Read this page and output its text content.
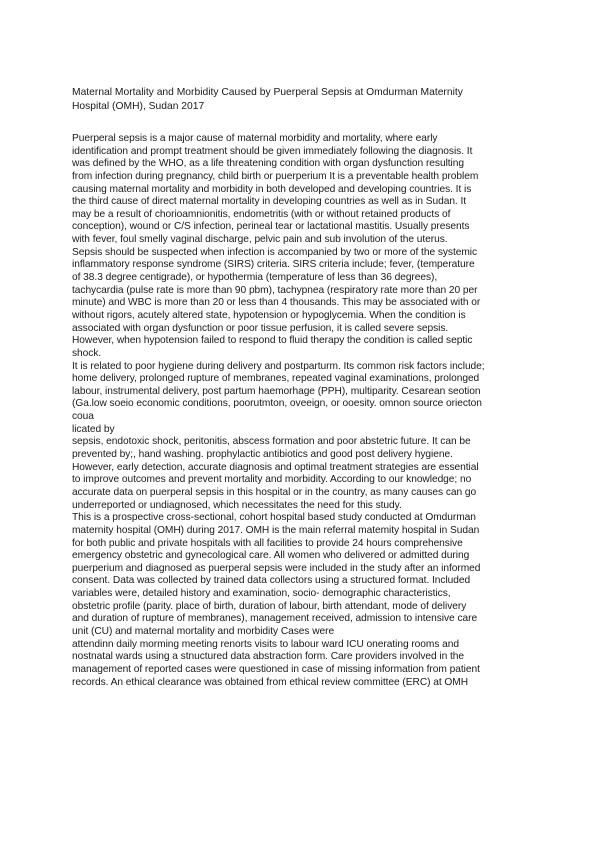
Maternal Mortality and Morbidity Caused by Puerperal Sepsis at Omdurman Maternity
Hospital (OMH), Sudan 2017
Puerperal sepsis is a major cause of maternal morbidity and mortality, where early
identification and prompt treatment should be given immediately following the diagnosis. It
was defined by the WHO, as a life threatening condition with organ dysfunction resulting
from infection during pregnancy, child birth or puerperium It is a preventable health problem
causing maternal mortality and morbidity in both developed and developing countries. It is
the third cause of direct maternal mortality in developing countries as well as in Sudan. It
may be a result of chorioamnionitis, endometritis (with or without retained products of
conception), wound or C/S infection, perineal tear or lactational mastitis. Usually presents
with fever, foul smelly vaginal discharge, pelvic pain and sub involution of the uterus.
Sepsis should be suspected when infection is accompanied by two or more of the systemic
inflammatory response syndrome (SIRS) criteria. SIRS criteria include; fever, (temperature
of 38.3 degree centigrade), or hypothermia (temperature of less than 36 degrees),
tachycardia (pulse rate is more than 90 pbm), tachypnea (respiratory rate more than 20 per
minute) and WBC is more than 20 or less than 4 thousands. This may be associated with or
without rigors, acutely altered state, hypotension or hypoglycemia. When the condition is
associated with organ dysfunction or poor tissue perfusion, it is called severe sepsis.
However, when hypotension failed to respond to fluid therapy the condition is called septic
shock.
It is related to poor hygiene during delivery and postparturm. Its common risk factors include;
home delivery, prolonged rupture of membranes, repeated vaginal examinations, prolonged
labour, instrumental delivery, post partum haemorhage (PPH), multiparity. Cesarean seotion
(Ga.low soeio economic conditions, poorutmton, oveeign, or ooesity. omnon source oriecton
coua
licated by
sepsis, endotoxic shock, peritonitis, abscess formation and poor abstetric future. It can be
prevented by;, hand washing. prophylactic antibiotics and good post delivery hygiene.
However, early detection, accurate diagnosis and optimal treatment strategies are essential
to improve outcomes and prevent mortality and morbidity. According to our knowledge; no
accurate data on puerperal sepsis in this hospital or in the country, as many causes can go
underreported or undiagnosed, which necessitates the need for this study.
This is a prospective cross-sectional, cohort hospital based study conducted at Omdurman
maternity hospital (OMH) during 2017. OMH is the main referral matemity hospital in Sudan
for both public and private hospitals with all facilities to provide 24 hours comprehensive
emergency obstetric and gynecological care. All women who delivered or admitted during
puerperium and diagnosed as puerperal sepsis were included in the study after an informed
consent. Data was collected by trained data collectors using a structured format. Included
variables were, detailed history and examination, socio- demographic characteristics,
obstetric profile (parity. place of birth, duration of labour, birth attendant, mode of delivery
and duration of rupture of membranes), management received, admission to intensive care
unit (CU) and maternal mortality and morbidity Cases were
attendinn daily morming meeting renorts visits to labour ward ICU onerating rooms and
nostnatal wards using a stnuctured data abstraction form. Care providers involved in the
management of reported cases were questioned in case of missing information from patient
records. An ethical clearance was obtained from ethical review committee (ERC) at OMH
